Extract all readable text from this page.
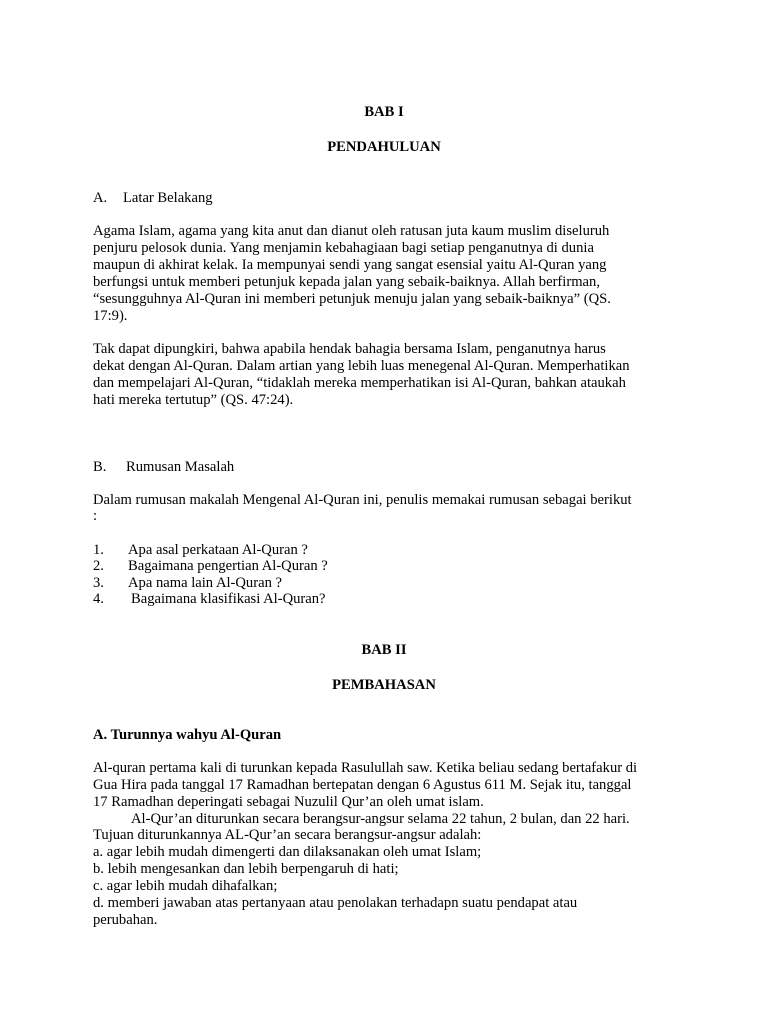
BAB I

PENDAHULUAN

A. Latar Belakang

Agama Islam, agama yang kita anut dan dianut oleh ratusan juta kaum muslim diseluruh

penjuru pelosok dunia. Yang menjamin kebahagiaan bagi setiap penganutnya di dunia

maupun di akhirat kelak. Ia mempunyai sendi yang sangat esensial yaitu Al-Quran yang

berfungsi untuk memberi petunjuk kepada jalan yang sebaik-baiknya. Allah berfirman,

“sesungguhnya Al-Quran ini memberi petunjuk menuju jalan yang sebaik-baiknya” (QS.

17:9).

Tak dapat dipungkiri, bahwa apabila hendak bahagia bersama Islam, penganutnya harus

dekat dengan Al-Quran. Dalam artian yang lebih luas menegenal Al-Quran. Memperhatikan

dan mempelajari Al-Quran, “tidaklah mereka memperhatikan isi Al-Quran, bahkan ataukah

hati mereka tertutup” (QS. 47:24).

B. Rumusan Masalah

Dalam rumusan makalah Mengenal Al-Quran ini, penulis memakai rumusan sebagai berikut

:

1. Apa asal perkataan Al-Quran ?
2. Bagaimana pengertian Al-Quran ?
3. Apa nama lain Al-Quran ?
4. Bagaimana klasifikasi Al-Quran?

BAB II

PEMBAHASAN

A. Turunnya wahyu Al-Quran

Al-quran pertama kali di turunkan kepada Rasulullah saw. Ketika beliau sedang bertafakur di

Gua Hira pada tanggal 17 Ramadhan bertepatan dengan 6 Agustus 611 M. Sejak itu, tanggal

17 Ramadhan deperingati sebagai Nuzulil Qur’an oleh umat islam.

Al-Qur’an diturunkan secara berangsur-angsur selama 22 tahun, 2 bulan, dan 22 hari.

Tujuan diturunkannya AL-Qur’an secara berangsur-angsur adalah:

a. agar lebih mudah dimengerti dan dilaksanakan oleh umat Islam;

b. lebih mengesankan dan lebih berpengaruh di hati;

c. agar lebih mudah dihafalkan;

d. memberi jawaban atas pertanyaan atau penolakan terhadapn suatu pendapat atau

perubahan.
